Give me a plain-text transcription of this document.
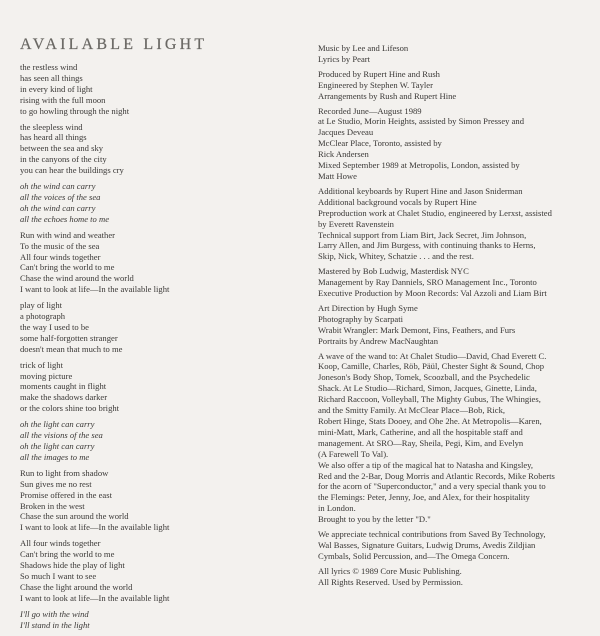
AVAILABLE LIGHT
the restless wind
has seen all things
in every kind of light
rising with the full moon
to go howling through the night
the sleepless wind
has heard all things
between the sea and sky
in the canyons of the city
you can hear the buildings cry
oh the wind can carry
all the voices of the sea
oh the wind can carry
all the echoes home to me
Run with wind and weather
To the music of the sea
All four winds together
Can't bring the world to me
Chase the wind around the world
I want to look at life—In the available light
play of light
a photograph
the way I used to be
some half-forgotten stranger
doesn't mean that much to me
trick of light
moving picture
moments caught in flight
make the shadows darker
or the colors shine too bright
oh the light can carry
all the visions of the sea
oh the light can carry
all the images to me
Run to light from shadow
Sun gives me no rest
Promise offered in the east
Broken in the west
Chase the sun around the world
I want to look at life—In the available light
All four winds together
Can't bring the world to me
Shadows hide the play of light
So much I want to see
Chase the light around the world
I want to look at life—In the available light
I'll go with the wind
I'll stand in the light
Music by Lee and Lifeson
Lyrics by Peart
Produced by Rupert Hine and Rush
Engineered by Stephen W. Tayler
Arrangements by Rush and Rupert Hine
Recorded June—August 1989
at Le Studio, Morin Heights, assisted by Simon Pressey and
Jacques Deveau
McClear Place, Toronto, assisted by
Rick Andersen
Mixed September 1989 at Metropolis, London, assisted by
Matt Howe
Additional keyboards by Rupert Hine and Jason Sniderman
Additional background vocals by Rupert Hine
Preproduction work at Chalet Studio, engineered by Lerxst, assisted
by Everett Ravenstein
Technical support from Liam Birt, Jack Secret, Jim Johnson,
Larry Allen, and Jim Burgess, with continuing thanks to Herns,
Skip, Nick, Whitey, Schatzie . . . and the rest.
Mastered by Bob Ludwig, Masterdisk NYC
Management by Ray Danniels, SRO Management Inc., Toronto
Executive Production by Moon Records: Val Azzoli and Liam Birt
Art Direction by Hugh Syme
Photography by Scarpati
Wrabit Wrangler: Mark Demont, Fins, Feathers, and Furs
Portraits by Andrew MacNaughtan
A wave of the wand to: At Chalet Studio—David, Chad Everett C.
Koop, Camille, Charles, Röb, Päül, Chester Sight & Sound, Chop
Joneson's Body Shop, Tomek, Scoozball, and the Psychedelic
Shack. At Le Studio—Richard, Simon, Jacques, Ginette, Linda,
Richard Raccoon, Volleyball, The Mighty Gubus, The Whingies,
and the Smitty Family. At McClear Place—Bob, Rick,
Robert Hinge, Stats Dooey, and Ohe 2he. At Metropolis—Karen,
mini-Matt, Mark, Catherine, and all the hospitable staff and
management. At SRO—Ray, Sheila, Pegi, Kim, and Evelyn
(A Farewell To Val).
We also offer a tip of the magical hat to Natasha and Kingsley,
Red and the 2-Bar, Doug Morris and Atlantic Records, Mike Roberts
for the acorn of "Superconductor," and a very special thank you to
the Flemings: Peter, Jenny, Joe, and Alex, for their hospitality
in London.
Brought to you by the letter "D."
We appreciate technical contributions from Saved By Technology,
Wal Basses, Signature Guitars, Ludwig Drums, Avedis Zildjian
Cymbals, Solid Percussion, and—The Omega Concern.
All lyrics © 1989 Core Music Publishing.
All Rights Reserved. Used by Permission.
